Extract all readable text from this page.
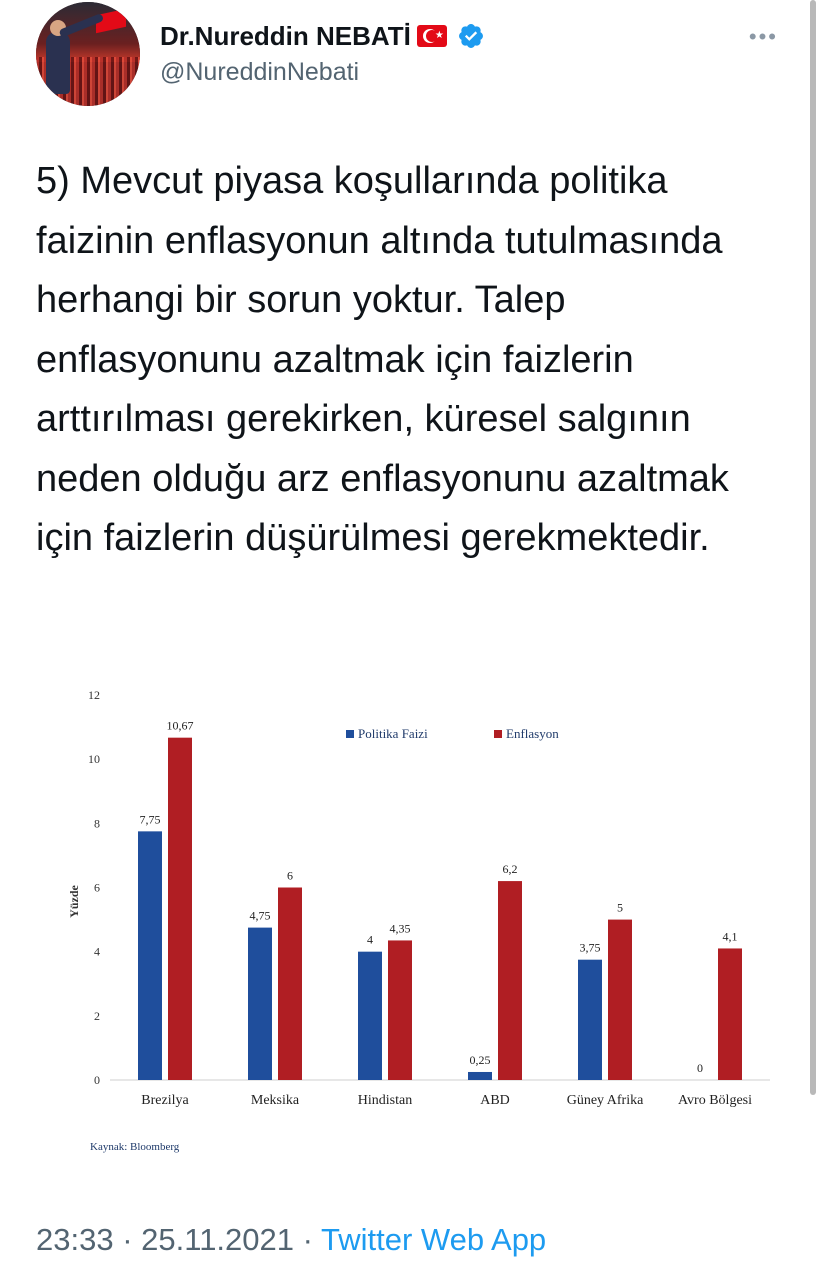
Dr.Nureddin NEBATİ ★
@NureddinNebati
•••
5) Mevcut piyasa koşullarında politika faizinin enflasyonun altında tutulmasında herhangi bir sorun yoktur. Talep enflasyonunu azaltmak için faizlerin arttırılması gerekirken, küresel salgının neden olduğu arz enflasyonunu azaltmak için faizlerin düşürülmesi gerekmektedir.
0
2
4
6
8
10
12
Yüzde
7,75
10,67
Brezilya
4,75
6
Meksika
4
4,35
Hindistan
0,25
6,2
ABD
3,75
5
Güney Afrika
0
4,1
Avro Bölgesi
Politika Faizi	Enflasyon
Kaynak: Bloomberg
23:33 · 25.11.2021 · Twitter Web App
